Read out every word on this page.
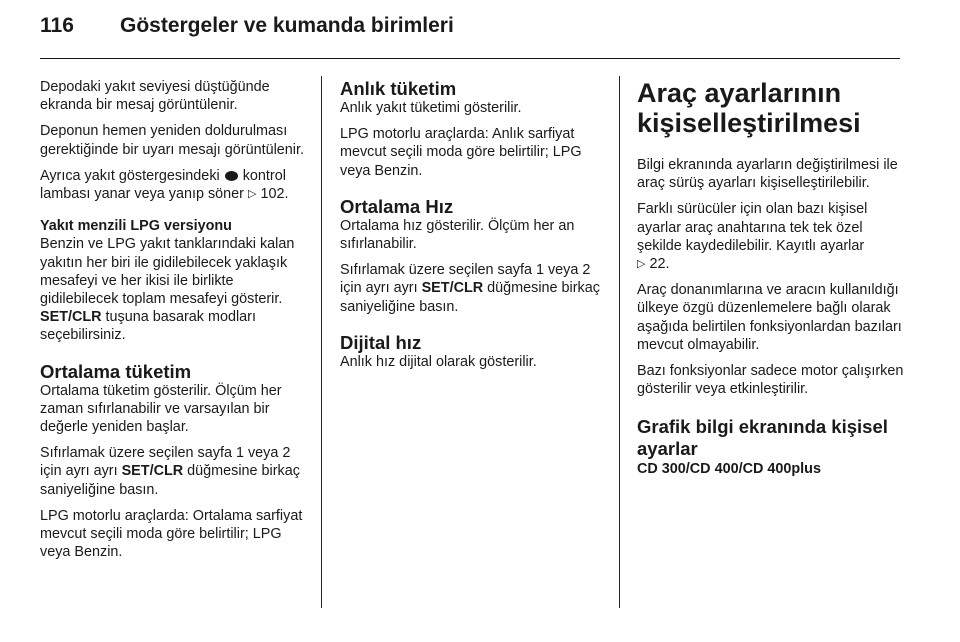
116 Göstergeler ve kumanda birimleri

Depodaki yakıt seviyesi düştüğünde ekranda bir mesaj görüntülenir.

Deponun hemen yeniden doldurulması gerektiğinde bir uyarı mesajı görüntülenir.

Ayrıca yakıt göstergesindeki  kontrol lambası yanar veya yanıp söner ▷ 102.

Yakıt menzili LPG versiyonu

Benzin ve LPG yakıt tanklarındaki kalan yakıtın her biri ile gidilebilecek yaklaşık mesafeyi ve her ikisi ile birlikte gidilebilecek toplam mesafeyi gösterir. SET/CLR tuşuna basarak modları seçebilirsiniz.

Ortalama tüketim

Ortalama tüketim gösterilir. Ölçüm her zaman sıfırlanabilir ve varsayılan bir değerle yeniden başlar.

Sıfırlamak üzere seçilen sayfa 1 veya 2 için ayrı ayrı SET/CLR düğmesine birkaç saniyeliğine basın.

LPG motorlu araçlarda: Ortalama sarfiyat mevcut seçili moda göre belirtilir; LPG veya Benzin.

Anlık tüketim

Anlık yakıt tüketimi gösterilir.

LPG motorlu araçlarda: Anlık sarfiyat mevcut seçili moda göre belirtilir; LPG veya Benzin.

Ortalama Hız

Ortalama hız gösterilir. Ölçüm her an sıfırlanabilir.

Sıfırlamak üzere seçilen sayfa 1 veya 2 için ayrı ayrı SET/CLR düğmesine birkaç saniyeliğine basın.

Dijital hız

Anlık hız dijital olarak gösterilir.

Araç ayarlarının kişiselleştirilmesi

Bilgi ekranında ayarların değiştirilmesi ile araç sürüş ayarları kişiselleştirilebilir.

Farklı sürücüler için olan bazı kişisel ayarlar araç anahtarına tek tek özel şekilde kaydedilebilir. Kayıtlı ayarlar
▷ 22.

Araç donanımlarına ve aracın kullanıldığı ülkeye özgü düzenlemelere bağlı olarak aşağıda belirtilen fonksiyonlardan bazıları mevcut olmayabilir.

Bazı fonksiyonlar sadece motor çalışırken gösterilir veya etkinleştirilir.

Grafik bilgi ekranında kişisel ayarlar
CD 300/CD 400/CD 400plus
